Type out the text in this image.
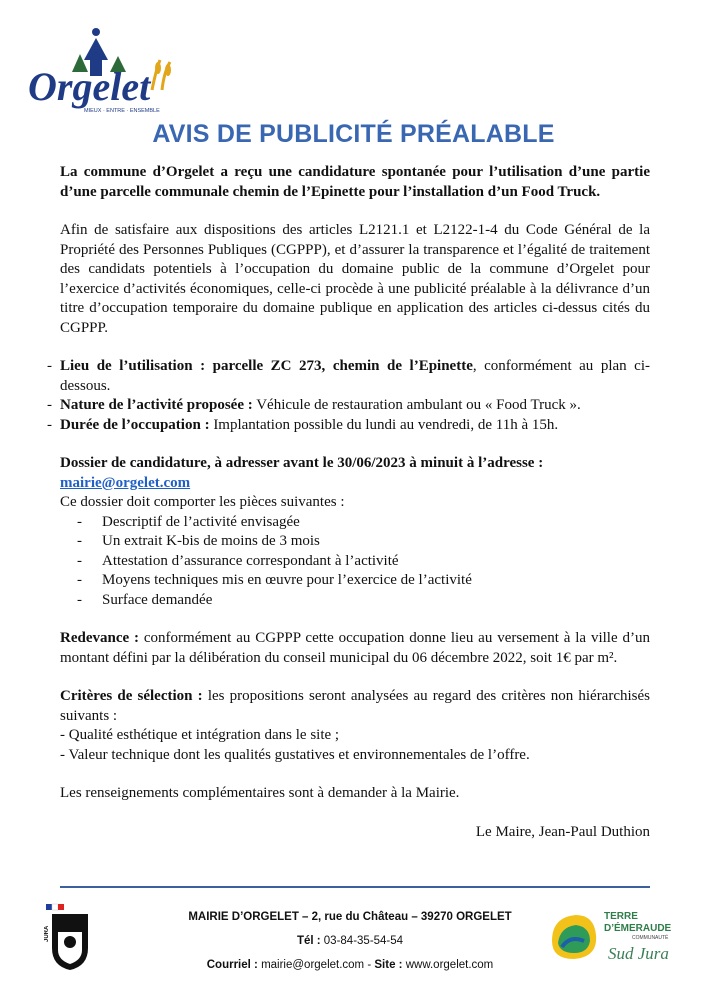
Orgelet
MIEUX · ENTRE · ENSEMBLE
AVIS DE PUBLICITÉ PRÉALABLE

La commune d’Orgelet a reçu une candidature spontanée pour l’utilisation d’une partie d’une parcelle communale chemin de l’Epinette pour l’installation d’un Food Truck.

Afin de satisfaire aux dispositions des articles L2121.1 et L2122-1-4 du Code Général de la Propriété des Personnes Publiques (CGPPP), et d’assurer la transparence et l’égalité de traitement des candidats potentiels à l’occupation du domaine public de la commune d’Orgelet pour l’exercice d’activités économiques, celle-ci procède à une publicité préalable à la délivrance d’un titre d’occupation temporaire du domaine publique en application des articles ci-dessus cités du CGPPP.

- Lieu de l’utilisation : parcelle ZC 273, chemin de l’Epinette, conformément au plan ci-dessous.
- Nature de l’activité proposée : Véhicule de restauration ambulant ou « Food Truck ».
- Durée de l’occupation : Implantation possible du lundi au vendredi, de 11h à 15h.

Dossier de candidature, à adresser avant le 30/06/2023 à minuit à l’adresse :
mairie@orgelet.com

Ce dossier doit comporter les pièces suivantes :

- Descriptif de l’activité envisagée
- Un extrait K-bis de moins de 3 mois
- Attestation d’assurance correspondant à l’activité
- Moyens techniques mis en œuvre pour l’exercice de l’activité
- Surface demandée

Redevance : conformément au CGPPP cette occupation donne lieu au versement à la ville d’un montant défini par la délibération du conseil municipal du 06 décembre 2022, soit 1€ par m².

Critères de sélection : les propositions seront analysées au regard des critères non hiérarchisés suivants :

- Qualité esthétique et intégration dans le site ;

- Valeur technique dont les qualités gustatives et environnementales de l’offre.

Les renseignements complémentaires sont à demander à la Mairie.

Le Maire, Jean-Paul Duthion

JURA
MAIRIE D’ORGELET – 2, rue du Château – 39270 ORGELET
Tél : 03-84-35-54-54
Courriel : mairie@orgelet.com - Site : www.orgelet.com
TERRE
D’ÉMERAUDE
COMMUNAUTÉ
Sud Jura
